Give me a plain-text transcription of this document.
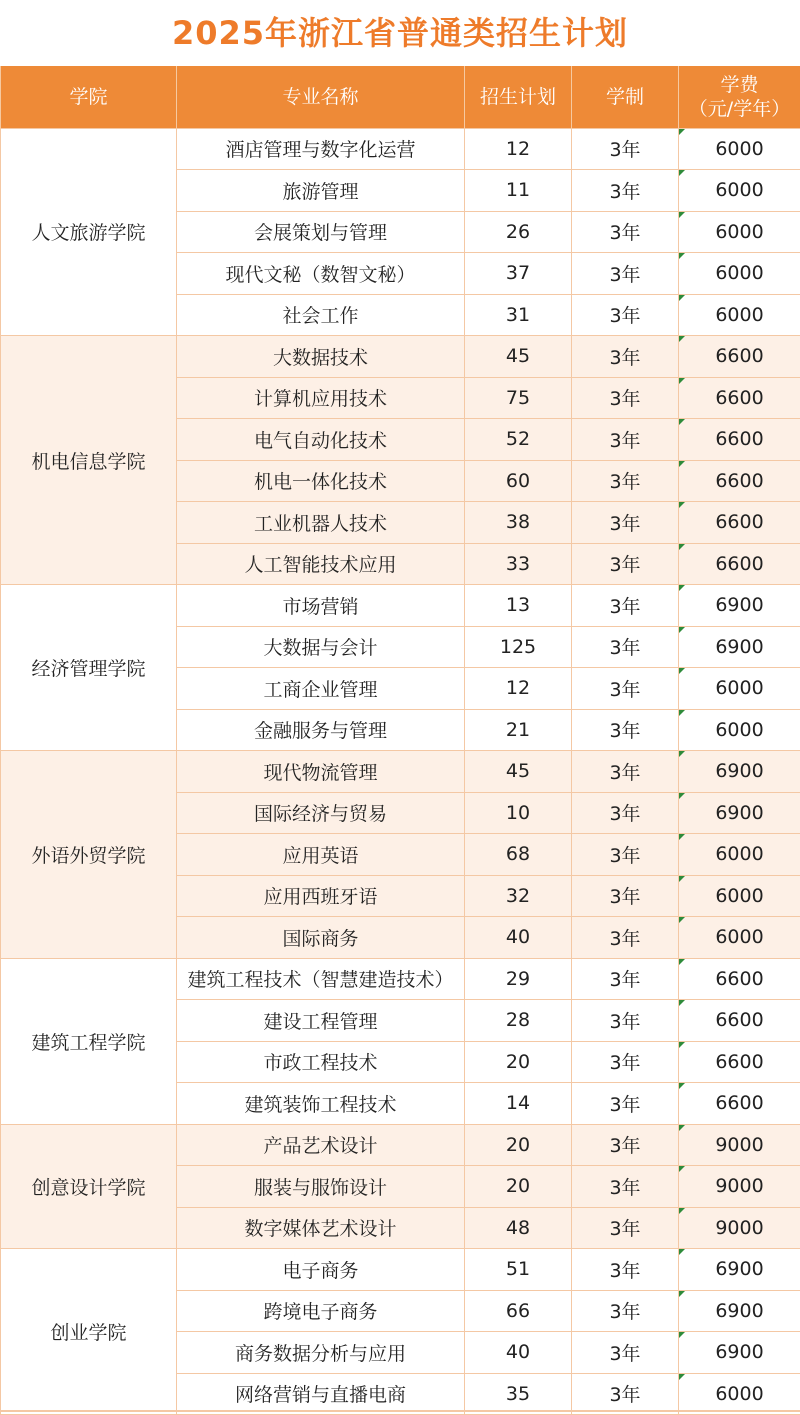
2025年浙江省普通类招生计划
学院	专业名称	招生计划	学制	学费
（元/学年）

人文旅游学院	酒店管理与数字化运营	12	3年	6000
	旅游管理	11	3年	6000
	会展策划与管理	26	3年	6000
	现代文秘（数智文秘）	37	3年	6000
	社会工作	31	3年	6000
机电信息学院	大数据技术	45	3年	6600
	计算机应用技术	75	3年	6600
	电气自动化技术	52	3年	6600
	机电一体化技术	60	3年	6600
	工业机器人技术	38	3年	6600
	人工智能技术应用	33	3年	6600
经济管理学院	市场营销	13	3年	6900
	大数据与会计	125	3年	6900
	工商企业管理	12	3年	6000
	金融服务与管理	21	3年	6000
外语外贸学院	现代物流管理	45	3年	6900
	国际经济与贸易	10	3年	6900
	应用英语	68	3年	6000
	应用西班牙语	32	3年	6000
	国际商务	40	3年	6000
建筑工程学院	建筑工程技术（智慧建造技术）	29	3年	6600
	建设工程管理	28	3年	6600
	市政工程技术	20	3年	6600
	建筑装饰工程技术	14	3年	6600
创意设计学院	产品艺术设计	20	3年	9000
	服装与服饰设计	20	3年	9000
	数字媒体艺术设计	48	3年	9000
创业学院	电子商务	51	3年	6900
	跨境电子商务	66	3年	6900
	商务数据分析与应用	40	3年	6900
	网络营销与直播电商	35	3年	6000
